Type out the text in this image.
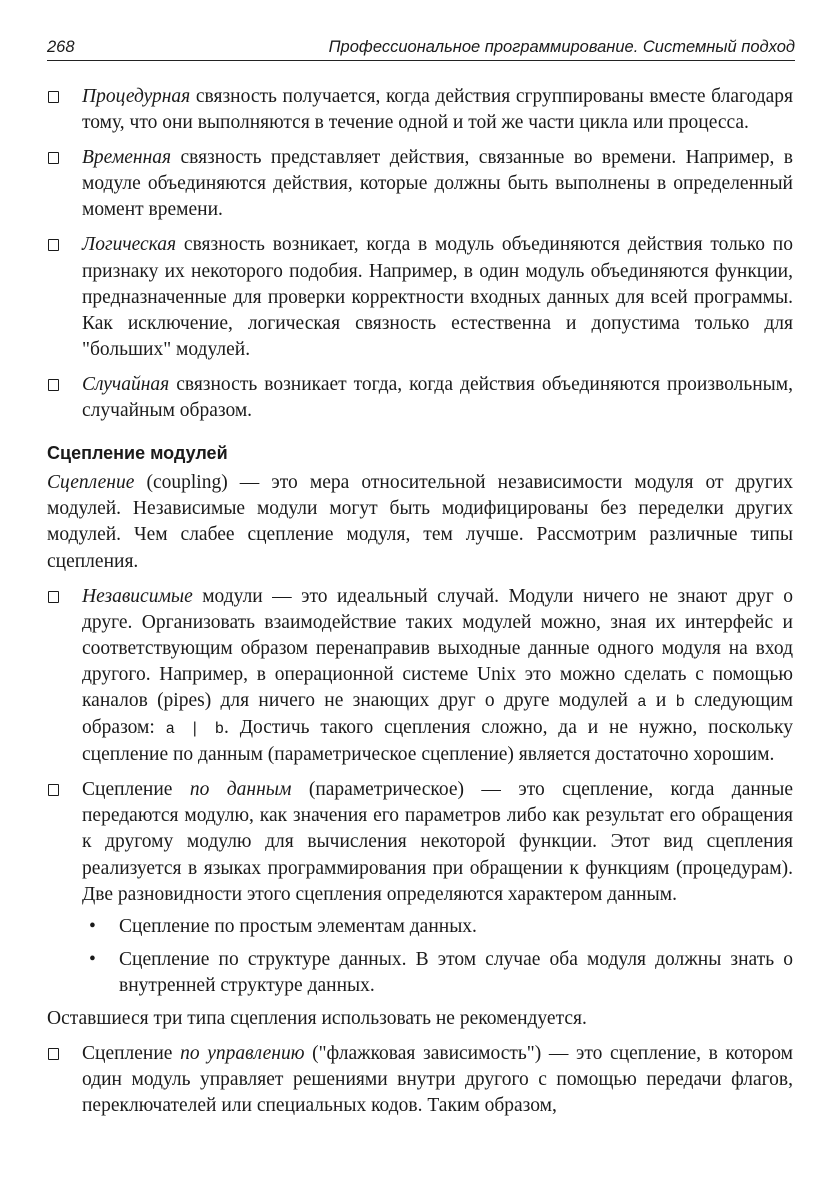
268	Профессиональное программирование. Системный подход
Процедурная связность получается, когда действия сгруппированы вместе благодаря тому, что они выполняются в течение одной и той же части цикла или процесса.
Временная связность представляет действия, связанные во времени. Например, в модуле объединяются действия, которые должны быть выполнены в определенный момент времени.
Логическая связность возникает, когда в модуль объединяются действия только по признаку их некоторого подобия. Например, в один модуль объединяются функции, предназначенные для проверки корректности входных данных для всей программы. Как исключение, логическая связность естественна и допустима только для "больших" модулей.
Случайная связность возникает тогда, когда действия объединяются произвольным, случайным образом.
Сцепление модулей
Сцепление (coupling) — это мера относительной независимости модуля от других модулей. Независимые модули могут быть модифицированы без переделки других модулей. Чем слабее сцепление модуля, тем лучше. Рассмотрим различные типы сцепления.
Независимые модули — это идеальный случай. Модули ничего не знают друг о друге. Организовать взаимодействие таких модулей можно, зная их интерфейс и соответствующим образом перенаправив выходные данные одного модуля на вход другого. Например, в операционной системе Unix это можно сделать с помощью каналов (pipes) для ничего не знающих друг о друге модулей a и b следующим образом: a | b. Достичь такого сцепления сложно, да и не нужно, поскольку сцепление по данным (параметрическое сцепление) является достаточно хорошим.
Сцепление по данным (параметрическое) — это сцепление, когда данные передаются модулю, как значения его параметров либо как результат его обращения к другому модулю для вычисления некоторой функции. Этот вид сцепления реализуется в языках программирования при обращении к функциям (процедурам). Две разновидности этого сцепления определяются характером данным.
• Сцепление по простым элементам данных.
• Сцепление по структуре данных. В этом случае оба модуля должны знать о внутренней структуре данных.
Оставшиеся три типа сцепления использовать не рекомендуется.
Сцепление по управлению ("флажковая зависимость") — это сцепление, в котором один модуль управляет решениями внутри другого с помощью передачи флагов, переключателей или специальных кодов. Таким образом,
